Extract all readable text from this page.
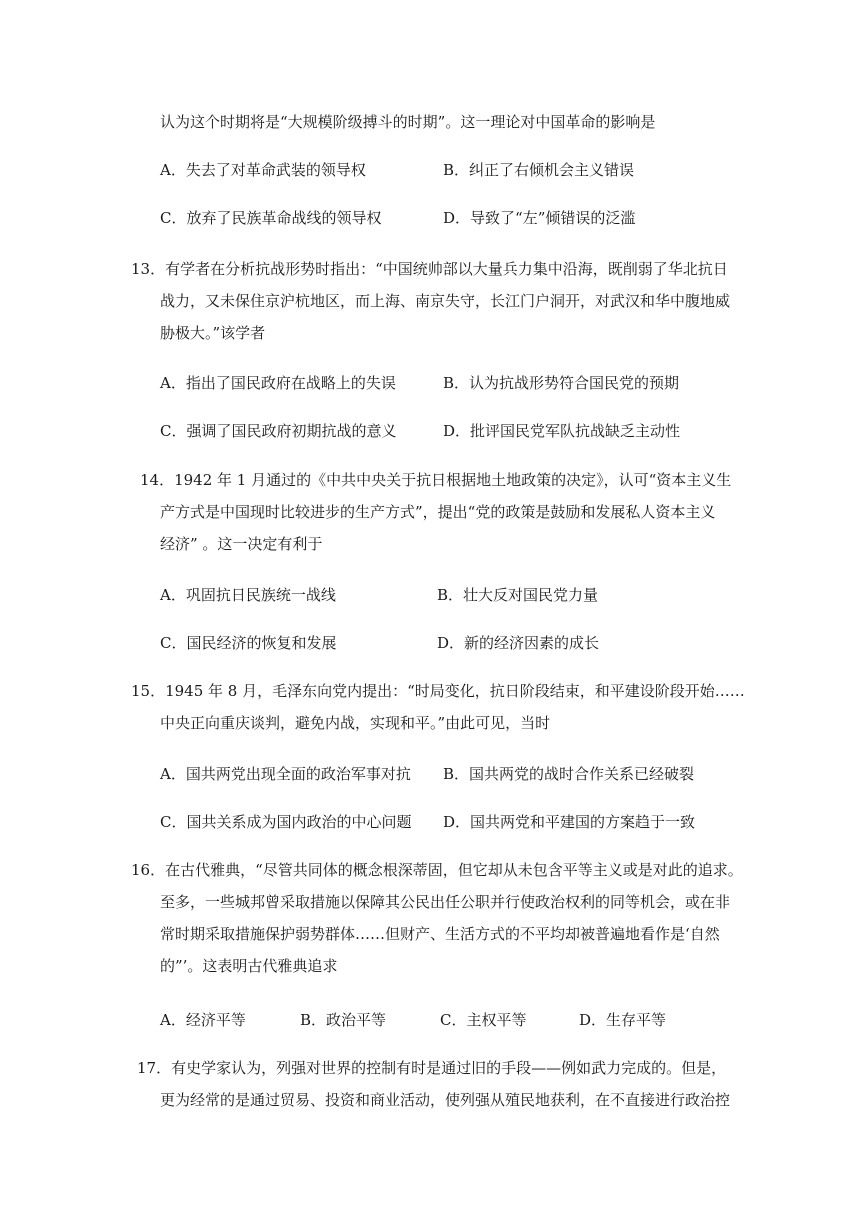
认为这个时期将是“大规模阶级搏斗的时期”。这一理论对中国革命的影响是
A．失去了对革命武装的领导权	B．纠正了右倾机会主义错误
C．放弃了民族革命战线的领导权	D．导致了“左”倾错误的泛滥
13．有学者在分析抗战形势时指出：“中国统帅部以大量兵力集中沿海，既削弱了华北抗日
战力，又未保住京沪杭地区，而上海、南京失守，长江门户洞开，对武汉和华中腹地威
胁极大。”该学者
A．指出了国民政府在战略上的失误	B．认为抗战形势符合国民党的预期
C．强调了国民政府初期抗战的意义	D．批评国民党军队抗战缺乏主动性
14．1942 年 1 月通过的《中共中央关于抗日根据地土地政策的决定》，认可“资本主义生
产方式是中国现时比较进步的生产方式”，提出“党的政策是鼓励和发展私人资本主义
经济” 。这一决定有利于
A．巩固抗日民族统一战线	B．壮大反对国民党力量
C．国民经济的恢复和发展	D．新的经济因素的成长
15．1945 年 8 月，毛泽东向党内提出：“时局变化，抗日阶段结束，和平建设阶段开始……
中央正向重庆谈判，避免内战，实现和平。”由此可见，当时
A．国共两党出现全面的政治军事对抗 B．国共两党的战时合作关系已经破裂
C．国共关系成为国内政治的中心问题 D．国共两党和平建国的方案趋于一致
16．在古代雅典，“尽管共同体的概念根深蒂固，但它却从未包含平等主义或是对此的追求。
至多，一些城邦曾采取措施以保障其公民出任公职并行使政治权利的同等机会，或在非
常时期采取措施保护弱势群体……但财产、生活方式的不平均却被普遍地看作是‘自然
的”’。这表明古代雅典追求
A．经济平等	B．政治平等	C．主权平等	D．生存平等
17．有史学家认为，列强对世界的控制有时是通过旧的手段——例如武力完成的。但是，
更为经常的是通过贸易、投资和商业活动，使列强从殖民地获利，在不直接进行政治控
